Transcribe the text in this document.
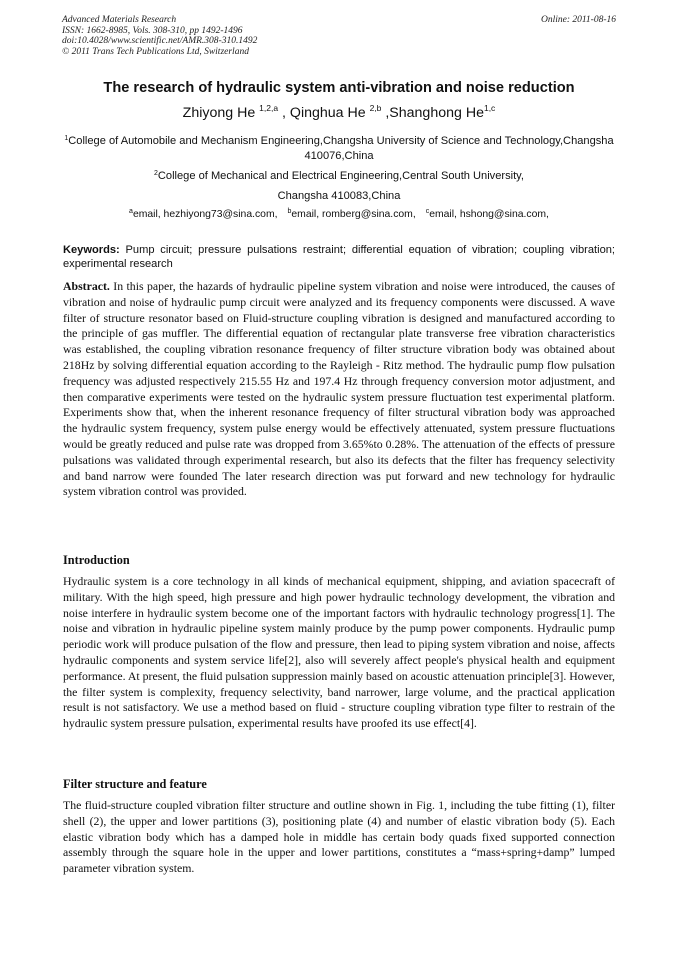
Advanced Materials Research
ISSN: 1662-8985, Vols. 308-310, pp 1492-1496
doi:10.4028/www.scientific.net/AMR.308-310.1492
© 2011 Trans Tech Publications Ltd, Switzerland
Online: 2011-08-16
The research of hydraulic system anti-vibration and noise reduction
Zhiyong He $^{1,2,a}$ , Qinghua He $^{2,b}$ ,Shanghong He$^{1,c}$
$^1$College of Automobile and Mechanism Engineering,Changsha University of Science and Technology,Changsha 410076,China
$^2$College of Mechanical and Electrical Engineering,Central South University,
Changsha 410083,China
$^a$email, hezhiyong73@sina.com, $^b$email, romberg@sina.com, $^c$email, hshong@sina.com,
Keywords: Pump circuit; pressure pulsations restraint; differential equation of vibration; coupling vibration; experimental research
Abstract. In this paper, the hazards of hydraulic pipeline system vibration and noise were introduced, the causes of vibration and noise of hydraulic pump circuit were analyzed and its frequency components were discussed. A wave filter of structure resonator based on Fluid-structure coupling vibration is designed and manufactured according to the principle of gas muffler. The differential equation of rectangular plate transverse free vibration characteristics was established, the coupling vibration resonance frequency of filter structure vibration body was obtained about 218Hz by solving differential equation according to the Rayleigh - Ritz method. The hydraulic pump flow pulsation frequency was adjusted respectively 215.55 Hz and 197.4 Hz through frequency conversion motor adjustment, and then comparative experiments were tested on the hydraulic system pressure fluctuation test experimental platform. Experiments show that, when the inherent resonance frequency of filter structural vibration body was approached the hydraulic system frequency, system pulse energy would be effectively attenuated, system pressure fluctuations would be greatly reduced and pulse rate was dropped from 3.65%to 0.28%. The attenuation of the effects of pressure pulsations was validated through experimental research, but also its defects that the filter has frequency selectivity and band narrow were founded The later research direction was put forward and new technology for hydraulic system vibration control was provided.
Introduction
Hydraulic system is a core technology in all kinds of mechanical equipment, shipping, and aviation spacecraft of military. With the high speed, high pressure and high power hydraulic technology development, the vibration and noise interfere in hydraulic system become one of the important factors with hydraulic technology progress[1]. The noise and vibration in hydraulic pipeline system mainly produce by the pump power components. Hydraulic pump periodic work will produce pulsation of the flow and pressure, then lead to piping system vibration and noise, affects hydraulic components and system service life[2], also will severely affect people's physical health and equipment performance. At present, the fluid pulsation suppression mainly based on acoustic attenuation principle[3]. However, the filter system is complexity, frequency selectivity, band narrower, large volume, and the practical application result is not satisfactory. We use a method based on fluid - structure coupling vibration type filter to restrain of the hydraulic system pressure pulsation, experimental results have proofed its use effect[4].
Filter structure and feature
The fluid-structure coupled vibration filter structure and outline shown in Fig. 1, including the tube fitting (1), filter shell (2), the upper and lower partitions (3), positioning plate (4) and number of elastic vibration body (5). Each elastic vibration body which has a damped hole in middle has certain body quads fixed supported connection assembly through the square hole in the upper and lower partitions, constitutes a “mass+spring+damp” lumped parameter vibration system.
